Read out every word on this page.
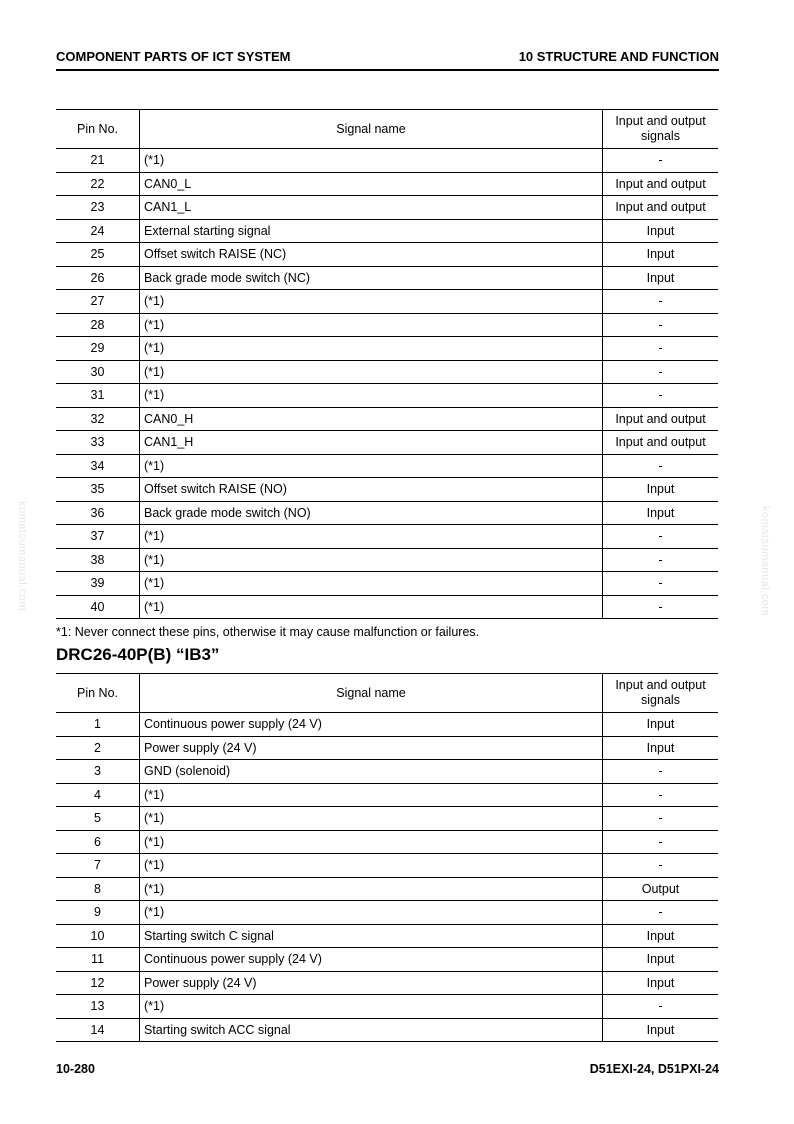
COMPONENT PARTS OF ICT SYSTEM	10 STRUCTURE AND FUNCTION
komatsumanual.com	komatsumanual.com
Pin No.	Signal name	Input and output signals
21	(*1)	-
22	CAN0_L	Input and output
23	CAN1_L	Input and output
24	External starting signal	Input
25	Offset switch RAISE (NC)	Input
26	Back grade mode switch (NC)	Input
27	(*1)	-
28	(*1)	-
29	(*1)	-
30	(*1)	-
31	(*1)	-
32	CAN0_H	Input and output
33	CAN1_H	Input and output
34	(*1)	-
35	Offset switch RAISE (NO)	Input
36	Back grade mode switch (NO)	Input
37	(*1)	-
38	(*1)	-
39	(*1)	-
40	(*1)	-
*1: Never connect these pins, otherwise it may cause malfunction or failures.
DRC26-40P(B) “IB3”
Pin No.	Signal name	Input and output signals
1	Continuous power supply (24 V)	Input
2	Power supply (24 V)	Input
3	GND (solenoid)	-
4	(*1)	-
5	(*1)	-
6	(*1)	-
7	(*1)	-
8	(*1)	Output
9	(*1)	-
10	Starting switch C signal	Input
11	Continuous power supply (24 V)	Input
12	Power supply (24 V)	Input
13	(*1)	-
14	Starting switch ACC signal	Input
10-280	D51EXI-24, D51PXI-24
